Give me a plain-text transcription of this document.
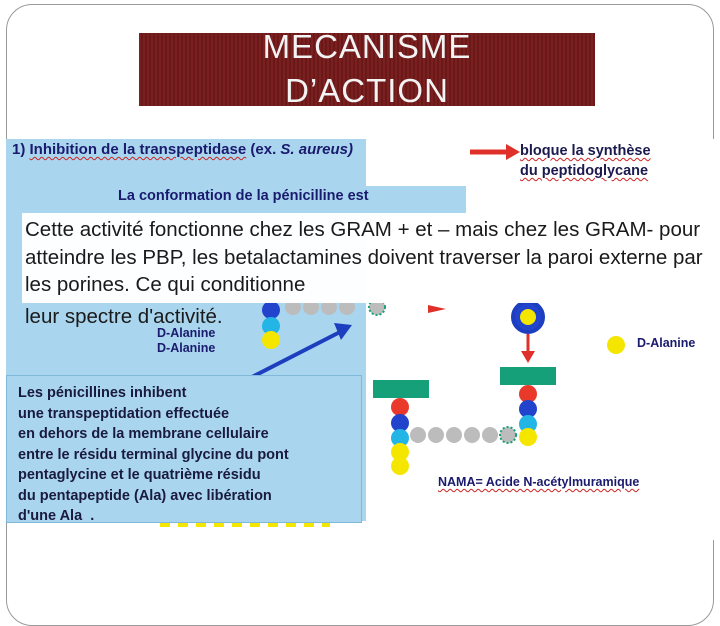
MECANISME
D’ACTION
1) Inhibition de la transpeptidase (ex. S. aureus)	bloque la synthèse
du peptidoglycane
La conformation de la pénicilline est
D-Alanine
D-Alanine	D-Alanine
Les pénicillines inhibent
une transpeptidation effectuée
en dehors de la membrane cellulaire
entre le résidu terminal glycine du pont
pentaglycine et le quatrième résidu
du pentapeptide (Ala) avec libération
d'une Ala  .
NAMA= Acide N-acétylmuramique
Cette activité fonctionne chez les GRAM + et – mais chez les GRAM- pour atteindre les PBP, les betalactamines doivent traverser la paroi externe par les porines. Ce qui conditionne
leur spectre d'activité.
